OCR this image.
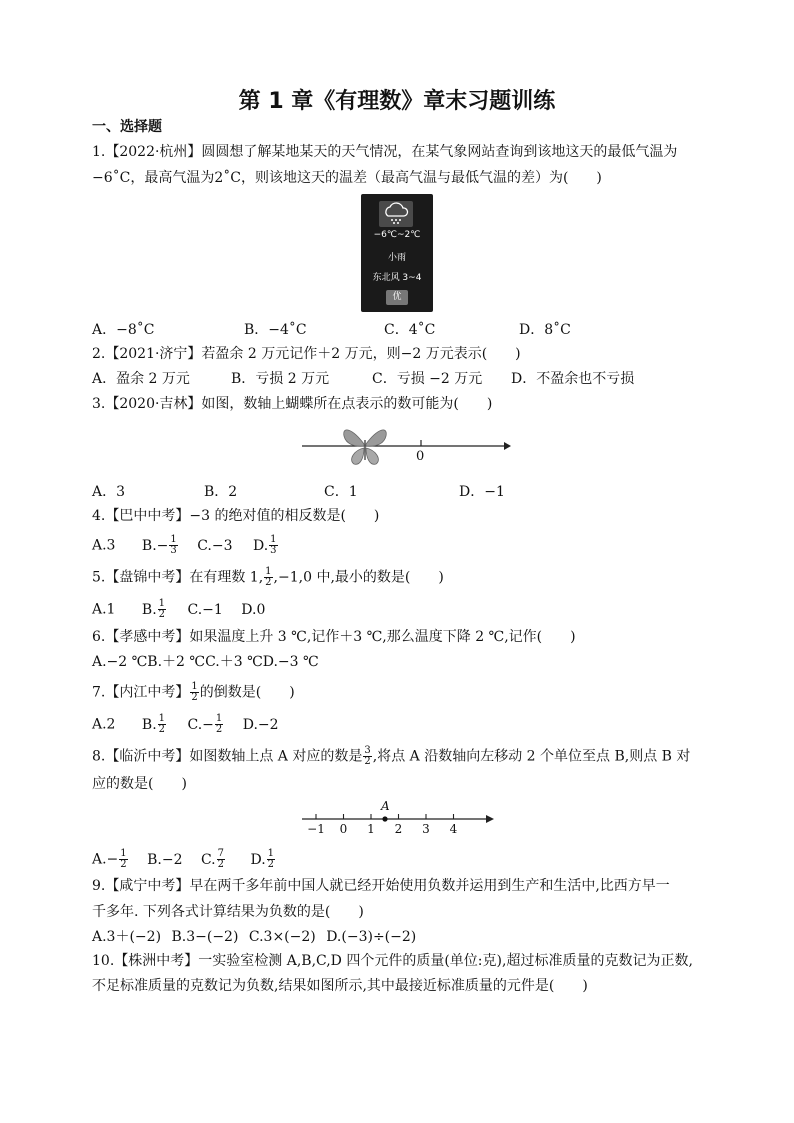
第 1 章《有理数》章末习题训练
一、选择题
1.【2022·杭州】圆圆想了解某地某天的天气情况，在某气象网站查询到该地这天的最低气温为
−6˚C，最高气温为2˚C，则该地这天的温差（最高气温与最低气温的差）为(　　)
−6℃~2℃
小雨
东北风 3~4
优
A．−8˚C	B．−4˚C	C．4˚C	D．8˚C
2.【2021·济宁】若盈余 2 万元记作＋2 万元，则−2 万元表示(　　)
A．盈余 2 万元	B．亏损 2 万元	C．亏损 −2 万元 D．不盈余也不亏损
3.【2020·吉林】如图，数轴上蝴蝶所在点表示的数可能为(　　)
0
A．3	B．2	C．1	D．−1
4.【巴中中考】−3 的绝对值的相反数是(　　)
A.3 $B.- \frac{1}{3} C.-3$ D. $\frac{1}{3}$
5.【盘锦中考】在有理数 1, $\frac{1}{2} ,-1,0$ 中,最小的数是(　　)
A.1 B. $\frac{1}{2} C.-1$ D.0
6.【孝感中考】如果温度上升 3 ℃,记作＋3 ℃,那么温度下降 2 ℃,记作(　　)
A.−2 ℃B.＋2 ℃C.＋3 ℃D.−3 ℃
7.【内江中考】 $\frac{1}{2}$ 的倒数是(　　)
A.2 B. $\frac{1}{2} C.- \frac{1}{2} D.-2$
8.【临沂中考】如图数轴上点 A 对应的数是 $\frac{3}{2}$ ,将点 A 沿数轴向左移动 2 个单位至点 B,则点 B 对
应的数是(　　)
A
−1 0 1 2 3 4
$A.- \frac{1}{2} B.-2$ C. $\frac{7}{2} D$. $\frac{1}{2}$
9.【咸宁中考】早在两千多年前中国人就已经开始使用负数并运用到生产和生活中,比西方早一
千多年. 下列各式计算结果为负数的是(　　)
A.3＋(−2) B.3−(−2) C.3×(−2) D.(−3)÷(−2)
10.【株洲中考】一实验室检测 A,B,C,D 四个元件的质量(单位:克),超过标准质量的克数记为正数,
不足标准质量的克数记为负数,结果如图所示,其中最接近标准质量的元件是(　　)
